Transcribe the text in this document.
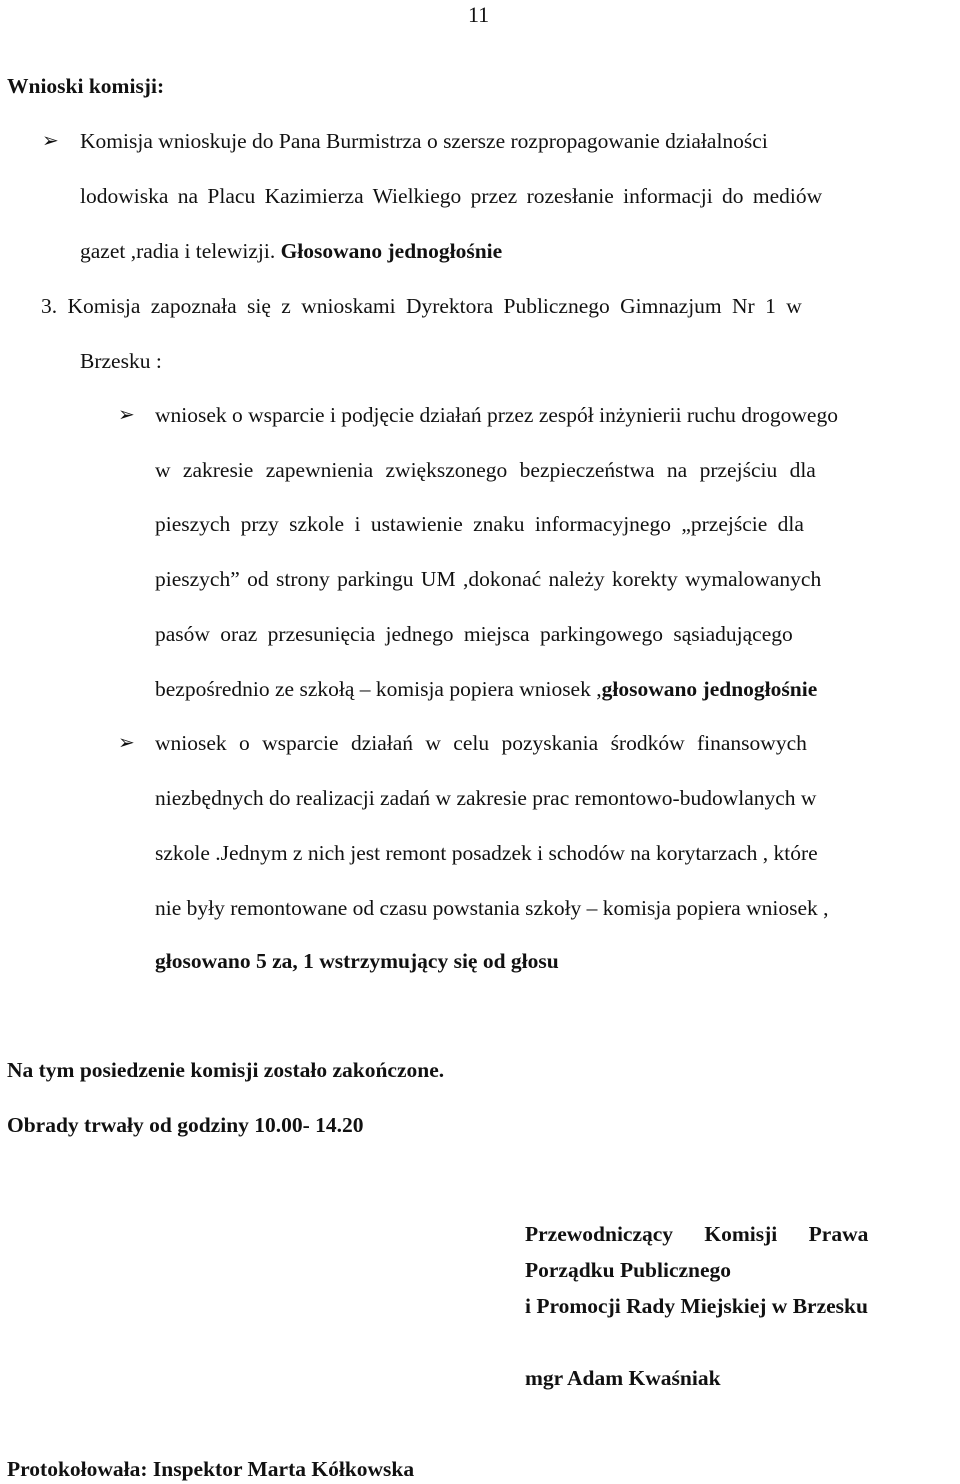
11
Wnioski komisji:
➢ Komisja wnioskuje do Pana Burmistrza o szersze rozpropagowanie działalności
lodowiska na Placu Kazimierza Wielkiego przez rozesłanie informacji do mediów
gazet ,radia i telewizji. Głosowano jednogłośnie
3. Komisja zapoznała się z wnioskami Dyrektora Publicznego Gimnazjum Nr 1 w
Brzesku :
➢ wniosek o wsparcie i podjęcie działań przez zespół inżynierii ruchu drogowego
w zakresie zapewnienia zwiększonego bezpieczeństwa na przejściu dla
pieszych przy szkole i ustawienie znaku informacyjnego „przejście dla
pieszych” od strony parkingu UM ,dokonać należy korekty wymalowanych
pasów oraz przesunięcia jednego miejsca parkingowego sąsiadującego
bezpośrednio ze szkołą – komisja popiera wniosek ,głosowano jednogłośnie
➢ wniosek o wsparcie działań w celu pozyskania środków finansowych
niezbędnych do realizacji zadań w zakresie prac remontowo-budowlanych w
szkole .Jednym z nich jest remont posadzek i schodów na korytarzach , które
nie były remontowane od czasu powstania szkoły – komisja popiera wniosek ,
głosowano 5 za, 1 wstrzymujący się od głosu
Na tym posiedzenie komisji zostało zakończone.
Obrady trwały od godziny 10.00- 14.20
Przewodniczący Komisji Prawa
Porządku Publicznego
i Promocji Rady Miejskiej w Brzesku
mgr Adam Kwaśniak
Protokołowała: Inspektor Marta Kółkowska
